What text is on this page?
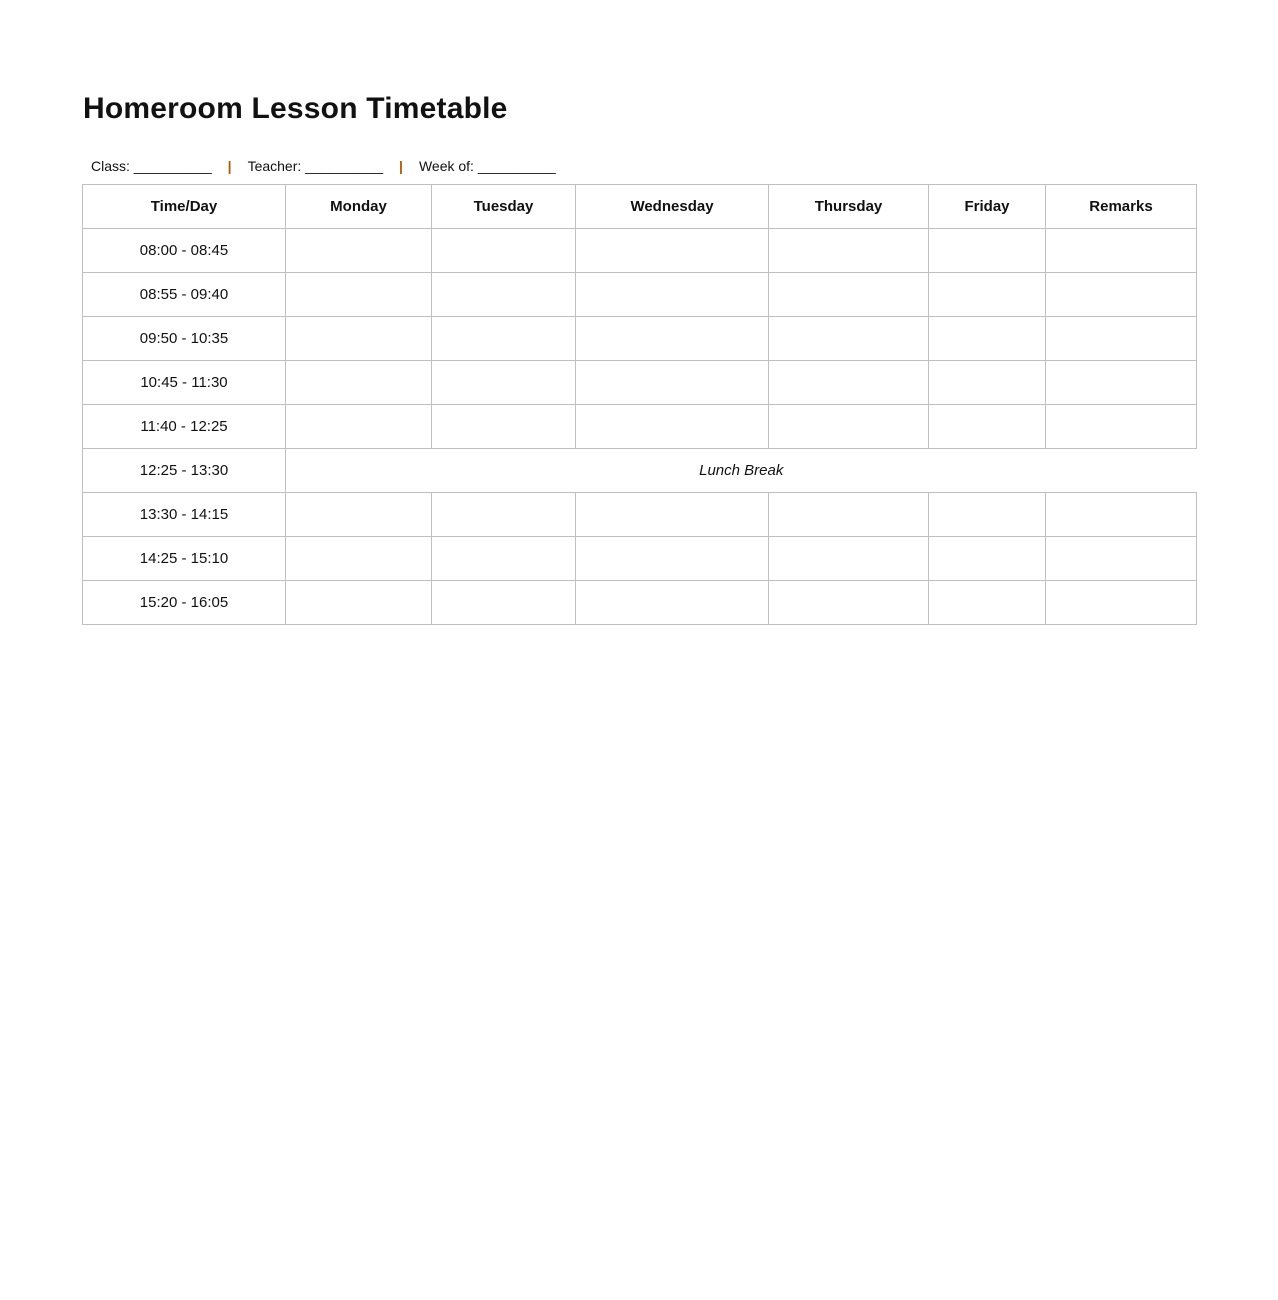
Homeroom Lesson Timetable
Class: __________ | Teacher: __________ | Week of: __________
Time/Day	Monday	Tuesday	Wednesday	Thursday	Friday	Remarks
08:00 - 08:45						
08:55 - 09:40						
09:50 - 10:35						
10:45 - 11:30						
11:40 - 12:25						
12:25 - 13:30	Lunch Break					
13:30 - 14:15						
14:25 - 15:10						
15:20 - 16:05						
